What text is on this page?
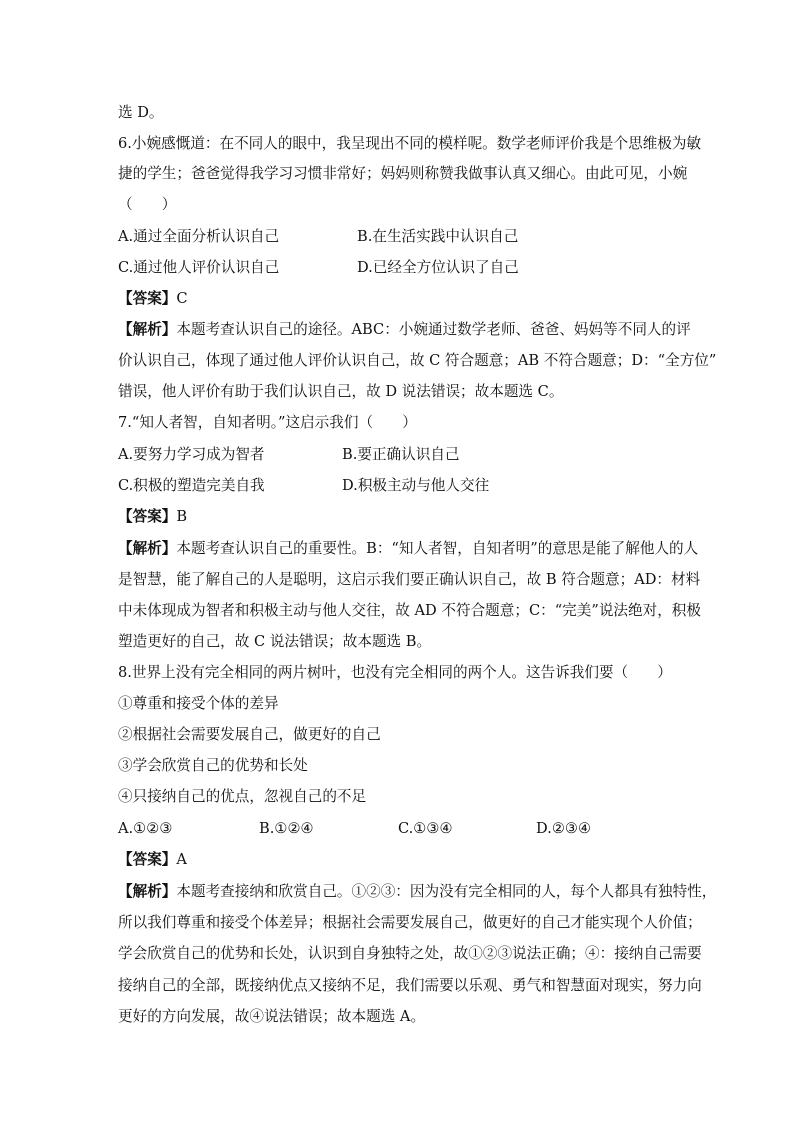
选 D。
6.小婉感慨道：在不同人的眼中，我呈现出不同的模样呢。数学老师评价我是个思维极为敏
捷的学生；爸爸觉得我学习习惯非常好；妈妈则称赞我做事认真又细心。由此可见，小婉
（　　）
A.通过全面分析认识自己	B.在生活实践中认识自己
C.通过他人评价认识自己	D.已经全方位认识了自己
【答案】C
【解析】本题考查认识自己的途径。ABC：小婉通过数学老师、爸爸、妈妈等不同人的评
价认识自己，体现了通过他人评价认识自己，故 C 符合题意；AB 不符合题意；D：“全方位”
错误，他人评价有助于我们认识自己，故 D 说法错误；故本题选 C。
7.“知人者智，自知者明。”这启示我们（　　）
A.要努力学习成为智者	B.要正确认识自己
C.积极的塑造完美自我	D.积极主动与他人交往
【答案】B
【解析】本题考查认识自己的重要性。B：“知人者智，自知者明”的意思是能了解他人的人
是智慧，能了解自己的人是聪明，这启示我们要正确认识自己，故 B 符合题意；AD：材料
中未体现成为智者和积极主动与他人交往，故 AD 不符合题意；C：“完美”说法绝对，积极
塑造更好的自己，故 C 说法错误；故本题选 B。
8.世界上没有完全相同的两片树叶，也没有完全相同的两个人。这告诉我们要（　　）
①尊重和接受个体的差异
②根据社会需要发展自己，做更好的自己
③学会欣赏自己的优势和长处
④只接纳自己的优点，忽视自己的不足
A.①②③	B.①②④	C.①③④	D.②③④
【答案】A
【解析】本题考查接纳和欣赏自己。①②③：因为没有完全相同的人，每个人都具有独特性，
所以我们尊重和接受个体差异；根据社会需要发展自己，做更好的自己才能实现个人价值；
学会欣赏自己的优势和长处，认识到自身独特之处，故①②③说法正确；④：接纳自己需要
接纳自己的全部，既接纳优点又接纳不足，我们需要以乐观、勇气和智慧面对现实，努力向
更好的方向发展，故④说法错误；故本题选 A。
